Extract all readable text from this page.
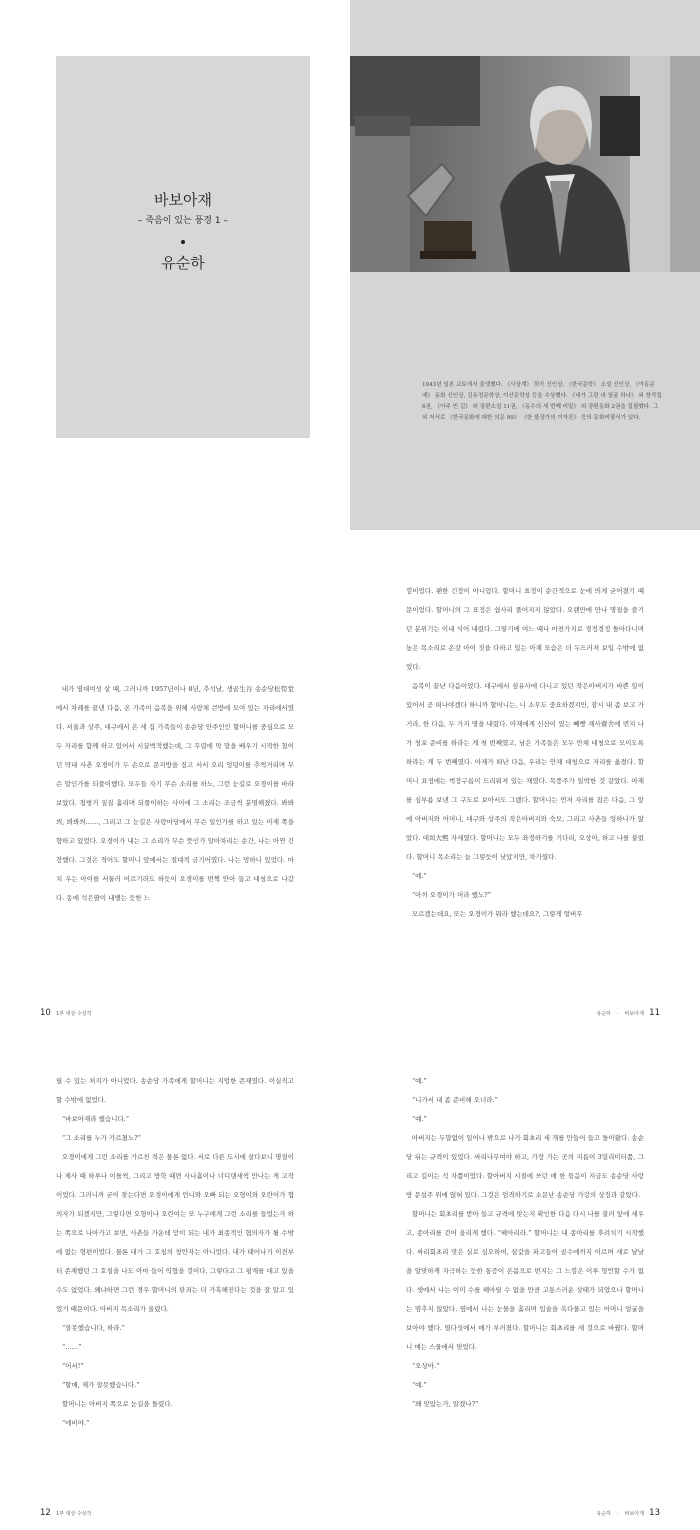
바보아재
– 죽음이 있는 풍경 1 –
유순하
1943년 일본 교토에서 출생했다. 《사상계》 희곡 신인상, 《한국문학》 소설 신인상, 《아동문예》 동화 신인상, 김유정문학상, 이산문학상 등을 수상했다. 《내가 그린 내 얼굴 하나》 외 창작집 6권, 《아주 빈 길》 외 장편소설 11권, 《동수의 세 번째 비밀》 외 장편동화 2권을 집필했다. 그 외 저서로 《한국문화에 대한 의문 99》 《한 불상가의 이자론》 등의 문화비평서가 있다.

내가 열대여섯 살 때, 그러니까 1957년이나 8년, 추석날, 생골生谷 송순당松筍堂에서 차례를 끝낸 다음, 온 가족이 음복을 위해 사랑채 큰방에 모여 있는 자리에서였다. 서울과 상주, 대구에서 온 세 집 가족들이 송순당 안주인인 할머니를 중심으로 모두 자리를 함께 하고 있어서 시끌벅적했는데, 그 무렵에 막 말을 배우기 시작한 첨이던 막내 사촌 오경이가 두 손으로 문지방을 짚고 서서 오리 엉덩이를 추썩거리며 무슨 말인가를 되풀이했다. 모두들 자기 무슨 소리를 하노, 그런 눈길로 오경이를 바라보았다. 첨벙거 질질 흘리며 되풀이하는 사이에 그 소리는 조금씩 분명해졌다. 봐봐씌, 봐봐씌……, 그리고 그 눈길은 사랑마당에서 무슨 일인가를 하고 있는 아재 쪽을 향하고 있었다. 오경이가 내는 그 소리가 무슨 뜻인가 알아차리는 순간, 나는 아연 긴장했다. 그것은 적어도 할머니 앞에서는 절대적 금기어였다. 나는 멍하니 있었다. 마치 우는 아이를 서둘러 어르기라도 하듯이 오경이를 번쩍 안아 들고 대청으로 나갔다. 동에 석은딸이 내뱉는 듯한 느

10 1부 대상 수상작

낌이었다. 팬한 긴장이 아니었다. 할머니 표정이 순간적으로 눈에 띄게 굳어졌기 때문이었다. 할머니의 그 표정은 쉽사리 풀어지지 않았다. 오랜만에 만나 명절을 즐기던 분위기는 이내 식어 내렸다. 그렇기에 여느 때나 마찬가지로 경정경정 돌아다니며 높은 목소리로 온갖 아이 짓을 다하고 있는 아재 모습은 더 두드러져 보일 수밖에 없었다.

음복이 끝난 다음이었다. 대구에서 섬유사에 다니고 있던 작은아버지가 바쁜 일이 있어서 곧 떠나야겠다 하니까 할머니는, 니 소무도 중요하겠지만, 잠시 내 좀 보고 가거라, 한 다음, 두 가지 명을 내렸다. 아재에게 신산이 있는 빼빵 재사齋舍에 번지 나가 청포 준비를 하라는 게 첫 번째였고, 남은 가족들은 모두 안채 대청으로 모이도록 하라는 게 두 번째였다. 아재가 떠난 다음, 우리는 안채 대청으로 자리를 옮겼다. 할머니 표정에는 벅장구름이 드리워져 있는 채였다. 목풍주가 일박한 것 같았다. 아재를 심부름 보낸 그 구도로 보아서도 그랬다. 할머니는 먼저 자리를 잡은 다음, 그 앞에 아버지와 어머니, 대구와 상주의 작은아버지와 숙모, 그리고 사촌들 엉하나가 앉았다. 대희大熙 자세였다. 할머니는 모두 좌정하기를 기다리, 오상아, 하고 나를 불렀다. 할머니 목소리는 늘 그렇듯이 낮았지만, 차가웠다.

“예.”

“아까 오경이가 머라 했노?”

모르겠는데요, 또는 오경이가 뭐라 했는데요?, 그렇게 얼버무

유순하 · 바보아재 11

릴 수 있는 처지가 아니었다. 송순당 가족에게 할머니는 지엄한 존재였다. 이실직고할 수밖에 없었다.

“바보아재라 했습니다.”

“그 소리를 누가 가르쳤노?”

오경이에게 그런 소리를 가르친 적은 물론 없다. 서로 다른 도시에 살다보니 명절이나 제사 때 하루나 이틀씩, 그리고 방학 때면 사나흘이나 너디댓새씩 만나는 게 고작이었다. 그러니까 굳이 찾는다면 오경이에게 언니와 오빠 되는 오형이와 오란이가 협의자가 되겠지만, 그렇다면 오형이나 오란이는 또 누구에게 그런 소리를 들었는가 하는 쪽으로 나아가고 보면, 사촌들 가운데 맏이 되는 내가 최종적인 협의자가 될 수밖에 없는 형편이었다. 물론 내가 그 호칭의 창안자는 아니었다. 내가 태어나기 이전부터 존재했던 그 호칭을 나도 아마 들어 익혔을 것이다. 그렇다고 그 핑계를 대고 있을 수도 없었다. 왜냐하면 그런 경우 할머니의 탄죄는 더 가혹해진다는 것을 잘 알고 있었기 때문이다. 아버지 목소리가 울렸다.

“잘못했습니다, 하라.”

“……”

“어서!”

“할매, 제가 잘못했습니다.”

할머니는 아버지 쪽으로 눈길을 돌렸다.

“에비야.”

12 1부 대상 수상작

“예.”

“니가서 내 좀 준비해 오너라.”

“예.”

아버지는 두말없이 일어나 밖으로 나가 회초리 세 개를 만들어 들고 돌아왔다. 송순당 뒤는 규격이 있었다. 싸리나무여야 하고, 가장 가는 곳의 지름이 3밀리미터쯤, 그리고 길이는 석 자쯤이었다. 할아버지 시절에 쓰던 매 한 묶음이 지금도 송순당 사랑방 문설주 위에 얹혀 있다. 그것은 엄격하기로 소문난 송순당 가강의 상징과 같았다.

할머니는 회초리를 받아 들고 규격에 맞는지 확인한 다음 다시 나를 불러 앞에 세우고, 종아리를 걷어 올리게 했다. “헤아리라.” 할머니는 내 종아리를 후려치기 시작했다. 싸리회초리 맛은 실로 심오하여, 살갗을 파고들어 골수에까지 이르며 새로 날날을 알맞하게 자극하는 듯한 통증이 온몸으로 번지는 그 느낌은 이루 형언할 수가 없다. 셋에서 나는 이미 수를 헤아릴 수 없을 만큼 고통스러운 상태가 되었으나 할머니는 멈추지 않았다. 옆에서 나는 눈물을 흘리며 입술을 옥다물고 있는 어머니 얼굴을 보아야 했다. 열다섯에서 매가 부러졌다. 할머니는 회초리를 새 것으로 바꿨다. 할머니 매는 스물에서 멎었다.

“오상아.”

“예.”

“왜 맞았는가, 알겠나?”

유순하 · 바보아재 13
